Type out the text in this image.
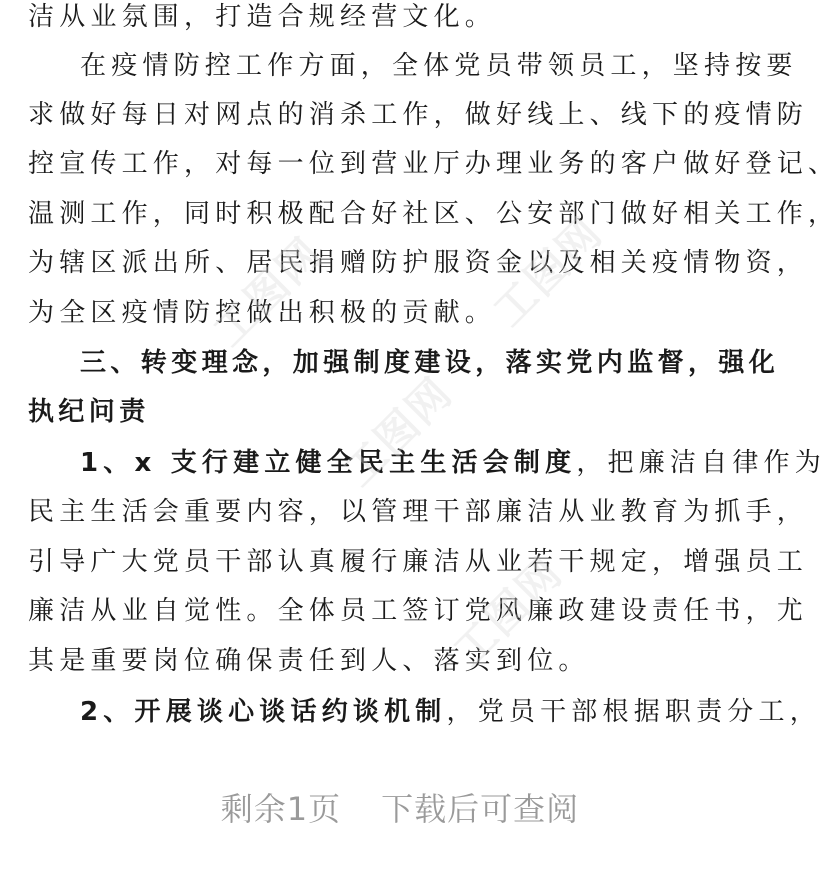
洁从业氛围，打造合规经营文化。
在疫情防控工作方面，全体党员带领员工，坚持按要
求做好每日对网点的消杀工作，做好线上、线下的疫情防
控宣传工作，对每一位到营业厅办理业务的客户做好登记、
温测工作，同时积极配合好社区、公安部门做好相关工作，
为辖区派出所、居民捐赠防护服资金以及相关疫情物资，
为全区疫情防控做出积极的贡献。
三、转变理念，加强制度建设，落实党内监督，强化
执纪问责
1、x 支行建立健全民主生活会制度，把廉洁自律作为
民主生活会重要内容，以管理干部廉洁从业教育为抓手，
引导广大党员干部认真履行廉洁从业若干规定，增强员工
廉洁从业自觉性。全体员工签订党风廉政建设责任书，尤
其是重要岗位确保责任到人、落实到位。
2、开展谈心谈话约谈机制，党员干部根据职责分工，
工图网	工图网
工图网
工图网
剩余1页 下载后可查阅
